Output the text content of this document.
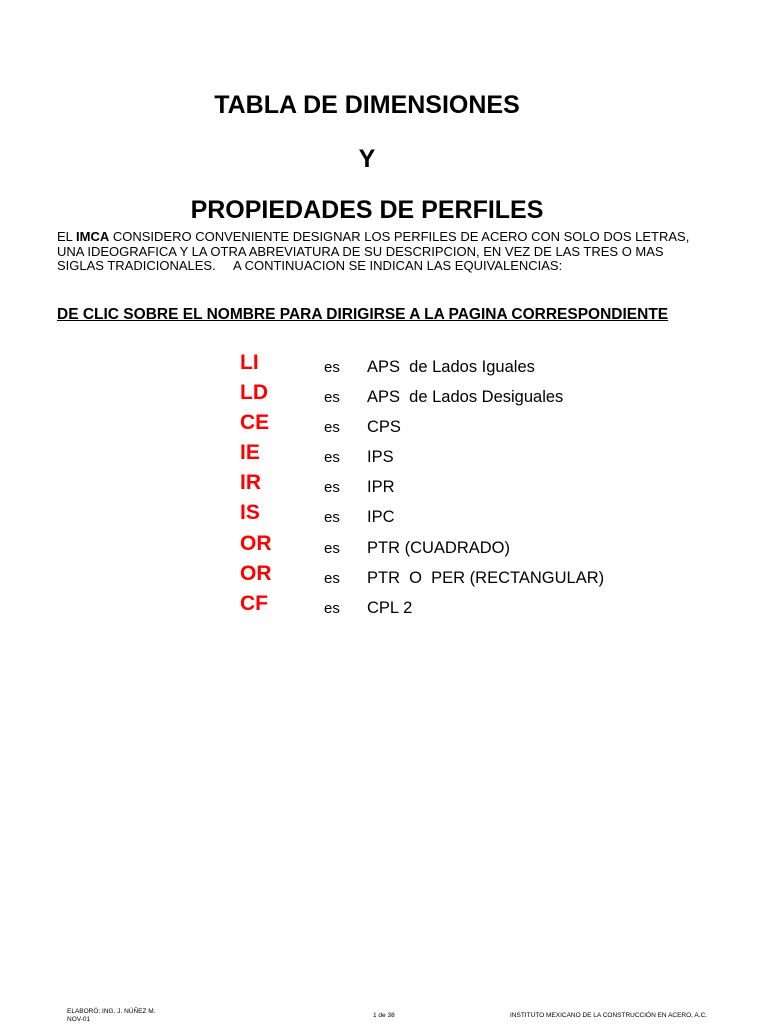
TABLA DE DIMENSIONES
Y
PROPIEDADES DE PERFILES
EL IMCA CONSIDERO CONVENIENTE DESIGNAR LOS PERFILES DE ACERO CON SOLO DOS LETRAS,
UNA IDEOGRAFICA Y LA OTRA ABREVIATURA DE SU DESCRIPCION, EN VEZ DE LAS TRES O MAS
SIGLAS TRADICIONALES.     A CONTINUACION SE INDICAN LAS EQUIVALENCIAS:
DE CLIC SOBRE EL NOMBRE PARA DIRIGIRSE A LA PAGINA CORRESPONDIENTE
LI	es APS  de Lados Iguales
LD	es APS  de Lados Desiguales
CE	es CPS
IE	es IPS
IR	es IPR
IS	es IPC
OR	es PTR (CUADRADO)
OR	es PTR  O  PER (RECTANGULAR)
CF	es CPL 2
ELABORÓ: ING. J. NÚÑEZ M.
NOV-01
1 de 38	INSTITUTO MEXICANO DE LA CONSTRUCCIÓN EN ACERO, A.C.
